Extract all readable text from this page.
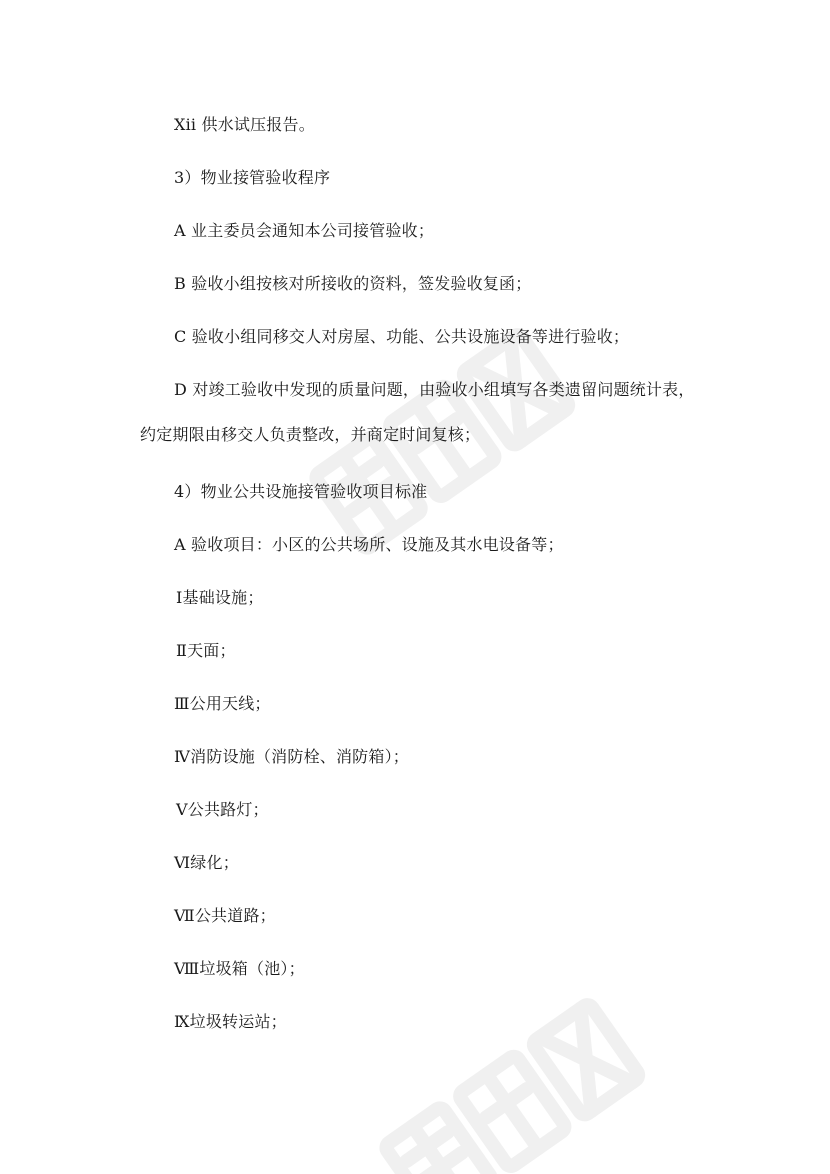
Xii 供水试压报告。
3）物业接管验收程序
A 业主委员会通知本公司接管验收；
B 验收小组按核对所接收的资料，签发验收复函；
C 验收小组同移交人对房屋、功能、公共设施设备等进行验收；
D 对竣工验收中发现的质量问题，由验收小组填写各类遗留问题统计表，
约定期限由移交人负责整改，并商定时间复核；
4）物业公共设施接管验收项目标准
A 验收项目：小区的公共场所、设施及其水电设备等；
Ⅰ基础设施；
Ⅱ天面；
Ⅲ公用天线；
Ⅳ消防设施（消防栓、消防箱）；
Ⅴ公共路灯；
Ⅵ绿化；
Ⅶ公共道路；
Ⅷ垃圾箱（池）；
Ⅸ垃圾转运站；
